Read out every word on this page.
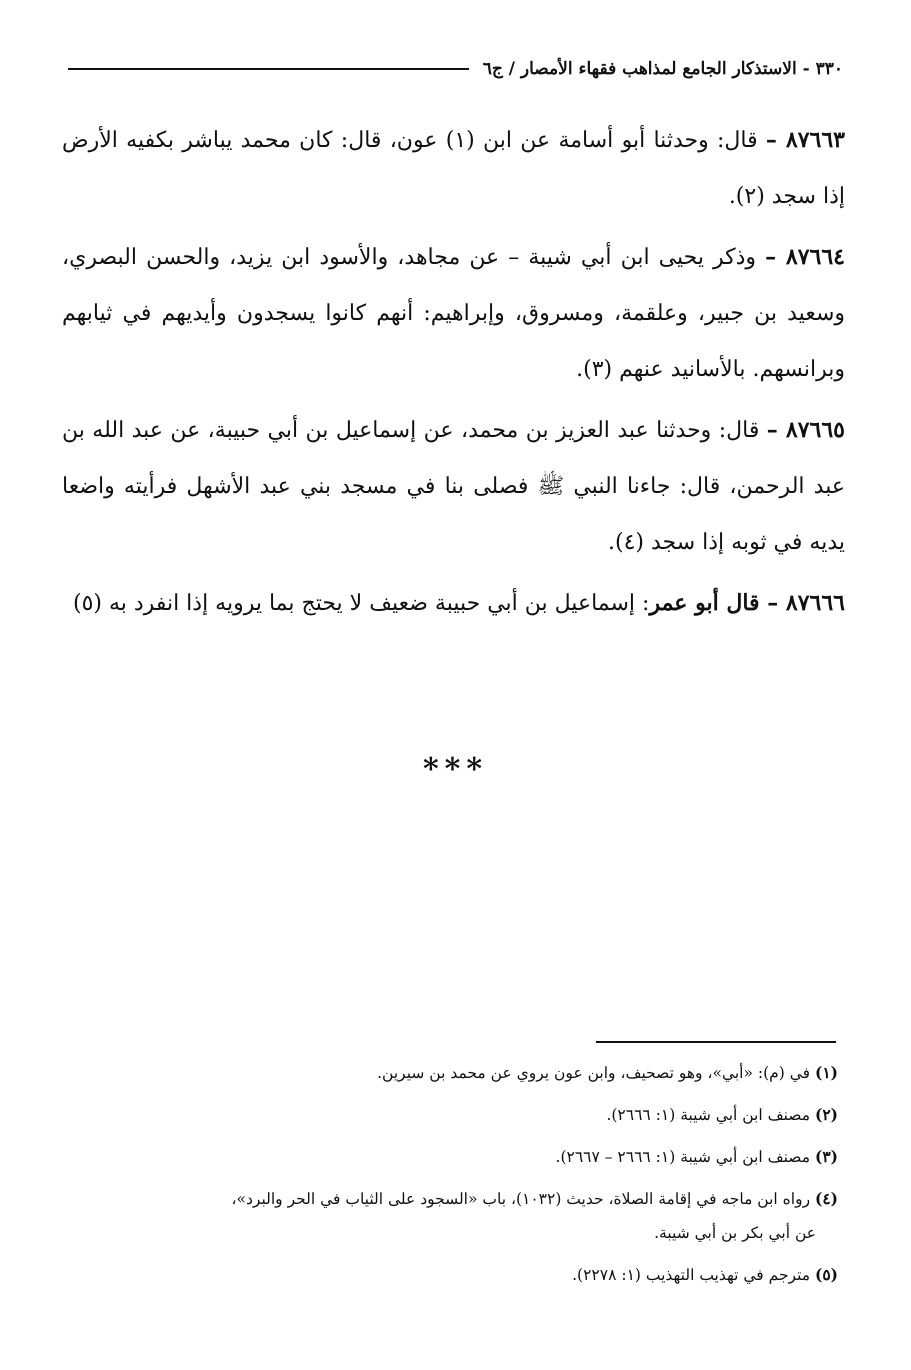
٣٣٠ - الاستذكار الجامع لمذاهب فقهاء الأمصار / ج٦

٨٧٦٦٣ – قال: وحدثنا أبو أسامة عن ابن (١) عون، قال: كان محمد يباشر بكفيه الأرض إذا سجد (٢).

٨٧٦٦٤ – وذكر يحيى ابن أبي شيبة – عن مجاهد، والأسود ابن يزيد، والحسن البصري، وسعيد بن جبير، وعلقمة، ومسروق، وإبراهيم: أنهم كانوا يسجدون وأيديهم في ثيابهم وبرانسهم. بالأسانيد عنهم (٣).

٨٧٦٦٥ – قال: وحدثنا عبد العزيز بن محمد، عن إسماعيل بن أبي حبيبة، عن عبد الله بن عبد الرحمن، قال: جاءنا النبي ﷺ فصلى بنا في مسجد بني عبد الأشهل فرأيته واضعا يديه في ثوبه إذا سجد (٤).

٨٧٦٦٦ – قال أبو عمر: إسماعيل بن أبي حبيبة ضعيف لا يحتج بما يرويه إذا انفرد به (٥)

***

(١) في (م): «أبي»، وهو تصحيف، وابن عون يروي عن محمد بن سيرين.

(٢) مصنف ابن أبي شيبة (١: ٢٦٦٦).

(٣) مصنف ابن أبي شيبة (١: ٢٦٦٦ – ٢٦٦٧).

(٤) رواه ابن ماجه في إقامة الصلاة، حديث (١٠٣٢)، باب «السجود على الثياب في الحر والبرد»،

عن أبي بكر بن أبي شيبة.

(٥) مترجم في تهذيب التهذيب (١: ٢٢٧٨).
